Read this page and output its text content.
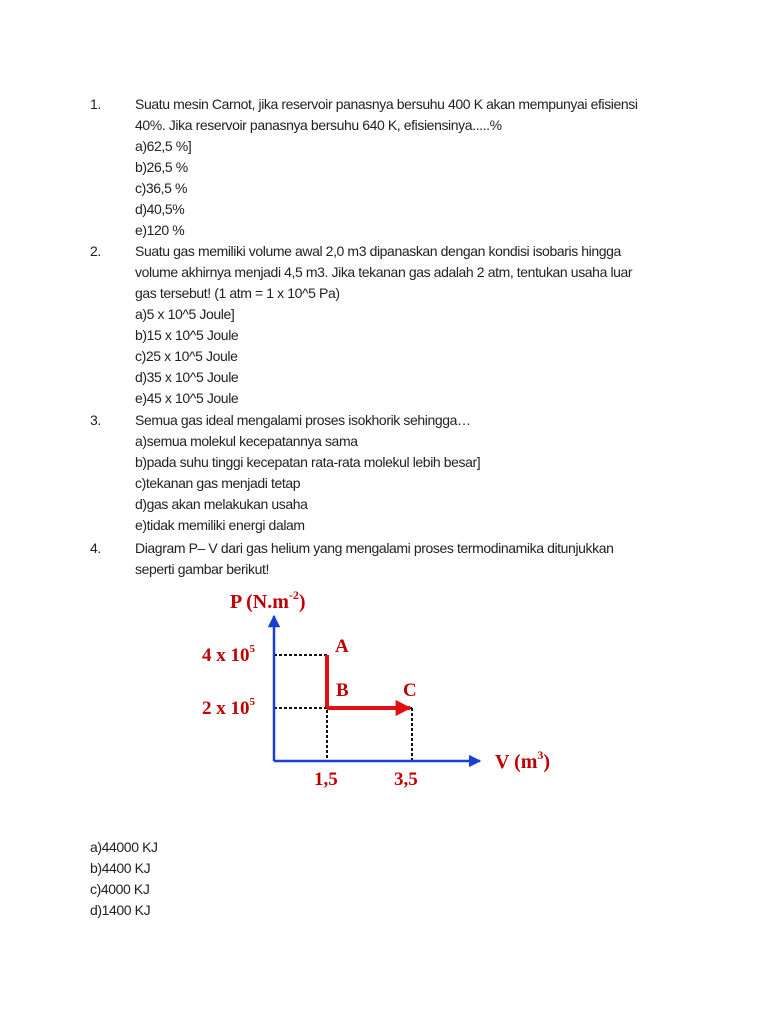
1. Suatu mesin Carnot, jika reservoir panasnya bersuhu 400 K akan mempunyai efisiensi
40%. Jika reservoir panasnya bersuhu 640 K, efisiensinya.....%
a)62,5 %]
b)26,5 %
c)36,5 %
d)40,5%
e)120 %
2. Suatu gas memiliki volume awal 2,0 m3 dipanaskan dengan kondisi isobaris hingga
volume akhirnya menjadi 4,5 m3. Jika tekanan gas adalah 2 atm, tentukan usaha luar
gas tersebut! (1 atm = 1 x 10^5 Pa)
a)5 x 10^5 Joule]
b)15 x 10^5 Joule
c)25 x 10^5 Joule
d)35 x 10^5 Joule
e)45 x 10^5 Joule
3. Semua gas ideal mengalami proses isokhorik sehingga…
a)semua molekul kecepatannya sama
b)pada suhu tinggi kecepatan rata-rata molekul lebih besar]
c)tekanan gas menjadi tetap
d)gas akan melakukan usaha
e)tidak memiliki energi dalam
4. Diagram P– V dari gas helium yang mengalami proses termodinamika ditunjukkan
seperti gambar berikut!
P $(N.m^{-2})$
4 x $10^5$
2 x $10^5$
1,5	3,5
V $(m^3)$
A
B	C
a)44000 KJ
b)4400 KJ
c)4000 KJ
d)1400 KJ
